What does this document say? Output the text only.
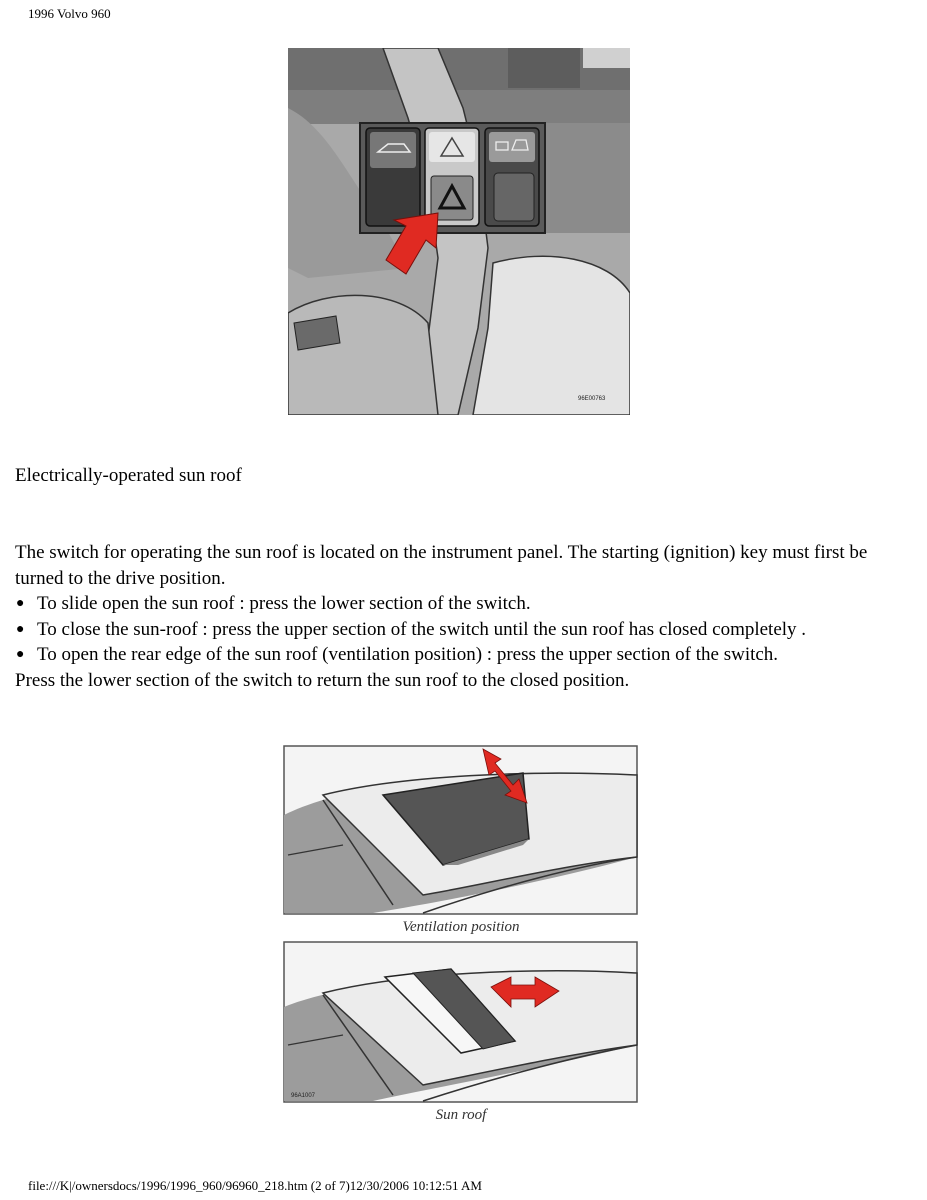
1996 Volvo 960
96E00763
Electrically-operated sun roof

The switch for operating the sun roof is located on the instrument panel. The starting (ignition) key must first be turned to the drive position.

● To slide open the sun roof : press the lower section of the switch.
● To close the sun-roof : press the upper section of the switch until the sun roof has closed completely .
● To open the rear edge of the sun roof (ventilation position) : press the upper section of the switch.

Press the lower section of the switch to return the sun roof to the closed position.

Ventilation position
96A1007
Sun roof
file:///K|/ownersdocs/1996/1996_960/96960_218.htm (2 of 7)12/30/2006 10:12:51 AM
